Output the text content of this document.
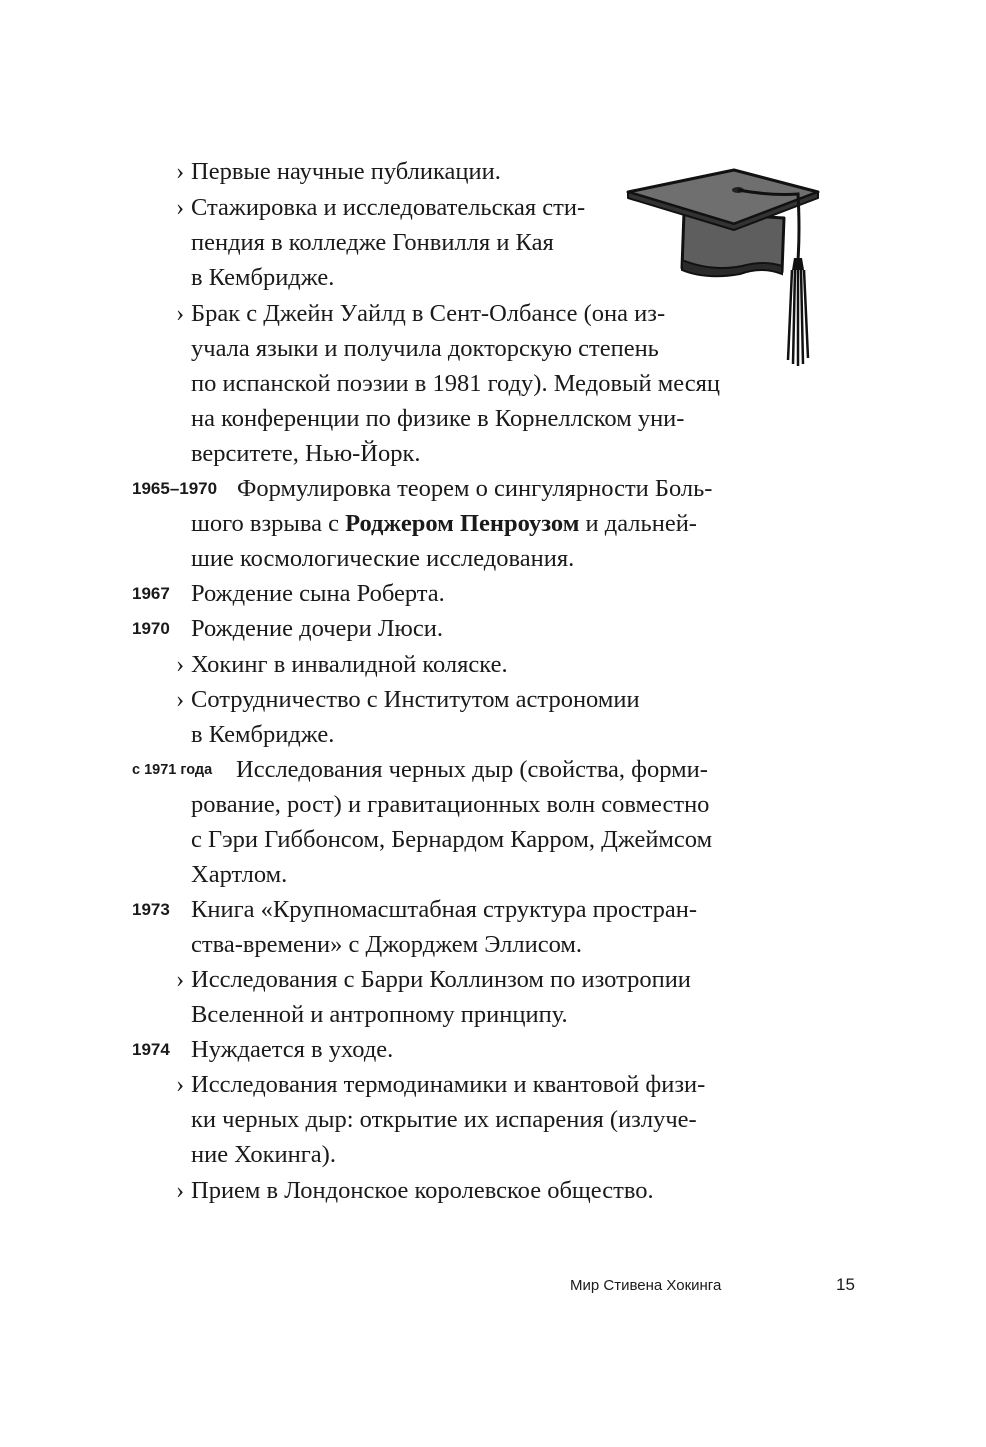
› Первые научные публикации.
› Стажировка и исследовательская сти-
пендия в колледже Гонвилля и Кая
в Кембридже.
› Брак с Джейн Уайлд в Сент-Олбансе (она из-
учала языки и получила докторскую степень
по испанской поэзии в 1981 году). Медовый месяц
на конференции по физике в Корнеллском уни-
верситете, Нью-Йорк.
1965–1970 Формулировка теорем о сингулярности Боль-
шого взрыва с Роджером Пенроузом и дальней-
шие космологические исследования.
1967 Рождение сына Роберта.
1970 Рождение дочери Люси.
› Хокинг в инвалидной коляске.
› Сотрудничество с Институтом астрономии
в Кембридже.
с 1971 года Исследования черных дыр (свойства, форми-
рование, рост) и гравитационных волн совместно
с Гэри Гиббонсом, Бернардом Карром, Джеймсом
Хартлом.
1973 Книга «Крупномасштабная структура простран-
ства-времени» с Джорджем Эллисом.
› Исследования с Барри Коллинзом по изотропии
Вселенной и антропному принципу.
1974 Нуждается в уходе.
› Исследования термодинамики и квантовой физи-
ки черных дыр: открытие их испарения (излуче-
ние Хокинга).
› Прием в Лондонское королевское общество.
Мир Стивена Хокинга	15
